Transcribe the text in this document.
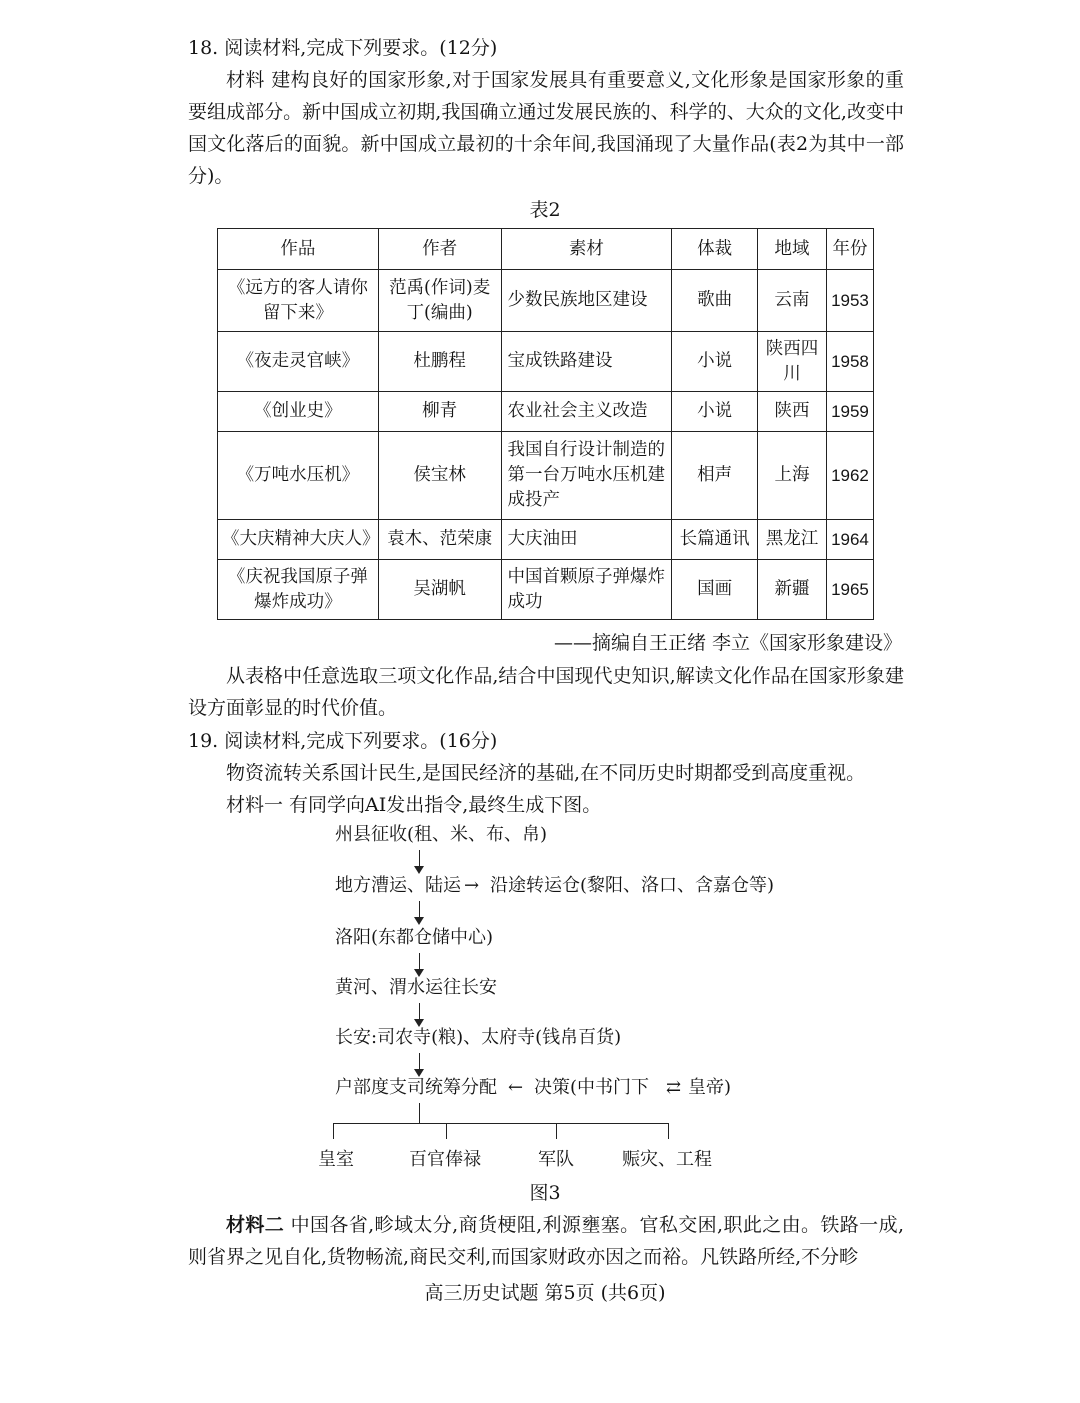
18. 阅读材料,完成下列要求。(12分)
材料 建构良好的国家形象,对于国家发展具有重要意义,文化形象是国家形象的重要组成部分。新中国成立初期,我国确立通过发展民族的、科学的、大众的文化,改变中国文化落后的面貌。新中国成立最初的十余年间,我国涌现了大量作品(表2为其中一部分)。
表2
作品	作者	素材	体裁	地域	年份
《远方的客人请你留下来》	范禹(作词)麦丁(编曲)	少数民族地区建设	歌曲	云南	1953
《夜走灵官峡》	杜鹏程	宝成铁路建设	小说	陕西四川	1958
《创业史》	柳青	农业社会主义改造	小说	陕西	1959
《万吨水压机》	侯宝林	我国自行设计制造的第一台万吨水压机建成投产	相声	上海	1962
《大庆精神大庆人》	袁木、范荣康	大庆油田	长篇通讯	黑龙江	1964
《庆祝我国原子弹爆炸成功》	吴湖帆	中国首颗原子弹爆炸成功	国画	新疆	1965
——摘编自王正绪 李立《国家形象建设》
从表格中任意选取三项文化作品,结合中国现代史知识,解读文化作品在国家形象建设方面彰显的时代价值。
19. 阅读材料,完成下列要求。(16分)
物资流转关系国计民生,是国民经济的基础,在不同历史时期都受到高度重视。
材料一 有同学向AI发出指令,最终生成下图。
州县征收(租、米、布、帛)
地方漕运、陆运 → 沿途转运仓(黎阳、洛口、含嘉仓等)
洛阳(东都仓储中心)
黄河、渭水运往长安
长安:司农寺(粮)、太府寺(钱帛百货)
户部度支司统筹分配 ← 决策(中书门下 ⇄ 皇帝)
皇室	百官俸禄	军队	赈灾、工程
图3
材料二 中国各省,畛域太分,商货梗阻,利源壅塞。官私交困,职此之由。铁路一成,则省界之见自化,货物畅流,商民交利,而国家财政亦因之而裕。凡铁路所经,不分畛
高三历史试题 第5页 (共6页)
